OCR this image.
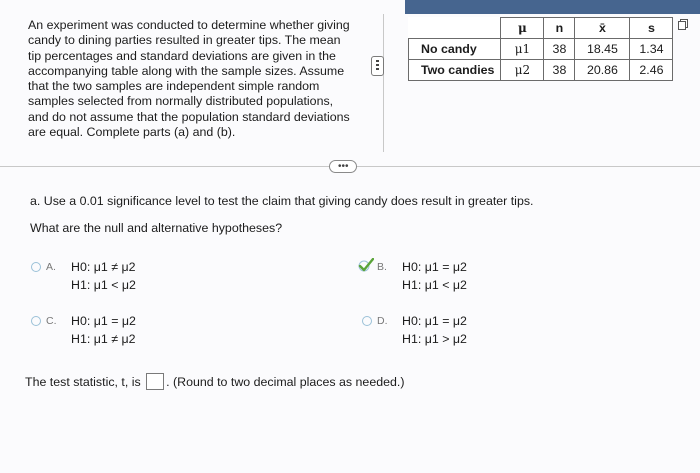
An experiment was conducted to determine whether giving
candy to dining parties resulted in greater tips. The mean
tip percentages and standard deviations are given in the
accompanying table along with the sample sizes. Assume
that the two samples are independent simple random
samples selected from normally distributed populations,
and do not assume that the population standard deviations
are equal. Complete parts (a) and (b).
	μ	n	x̄	s
No candy	μ1	38	18.45	1.34
Two candies	μ2	38	20.86	2.46
•••
a. Use a 0.01 significance level to test the claim that giving candy does result in greater tips.
What are the null and alternative hypotheses?
A. H0: μ1 ≠ μ2
H1: μ1 < μ2
B. H0: μ1 = μ2
H1: μ1 < μ2
C. H0: μ1 = μ2
H1: μ1 ≠ μ2
D. H0: μ1 = μ2
H1: μ1 > μ2
The test statistic, t, is . (Round to two decimal places as needed.)
